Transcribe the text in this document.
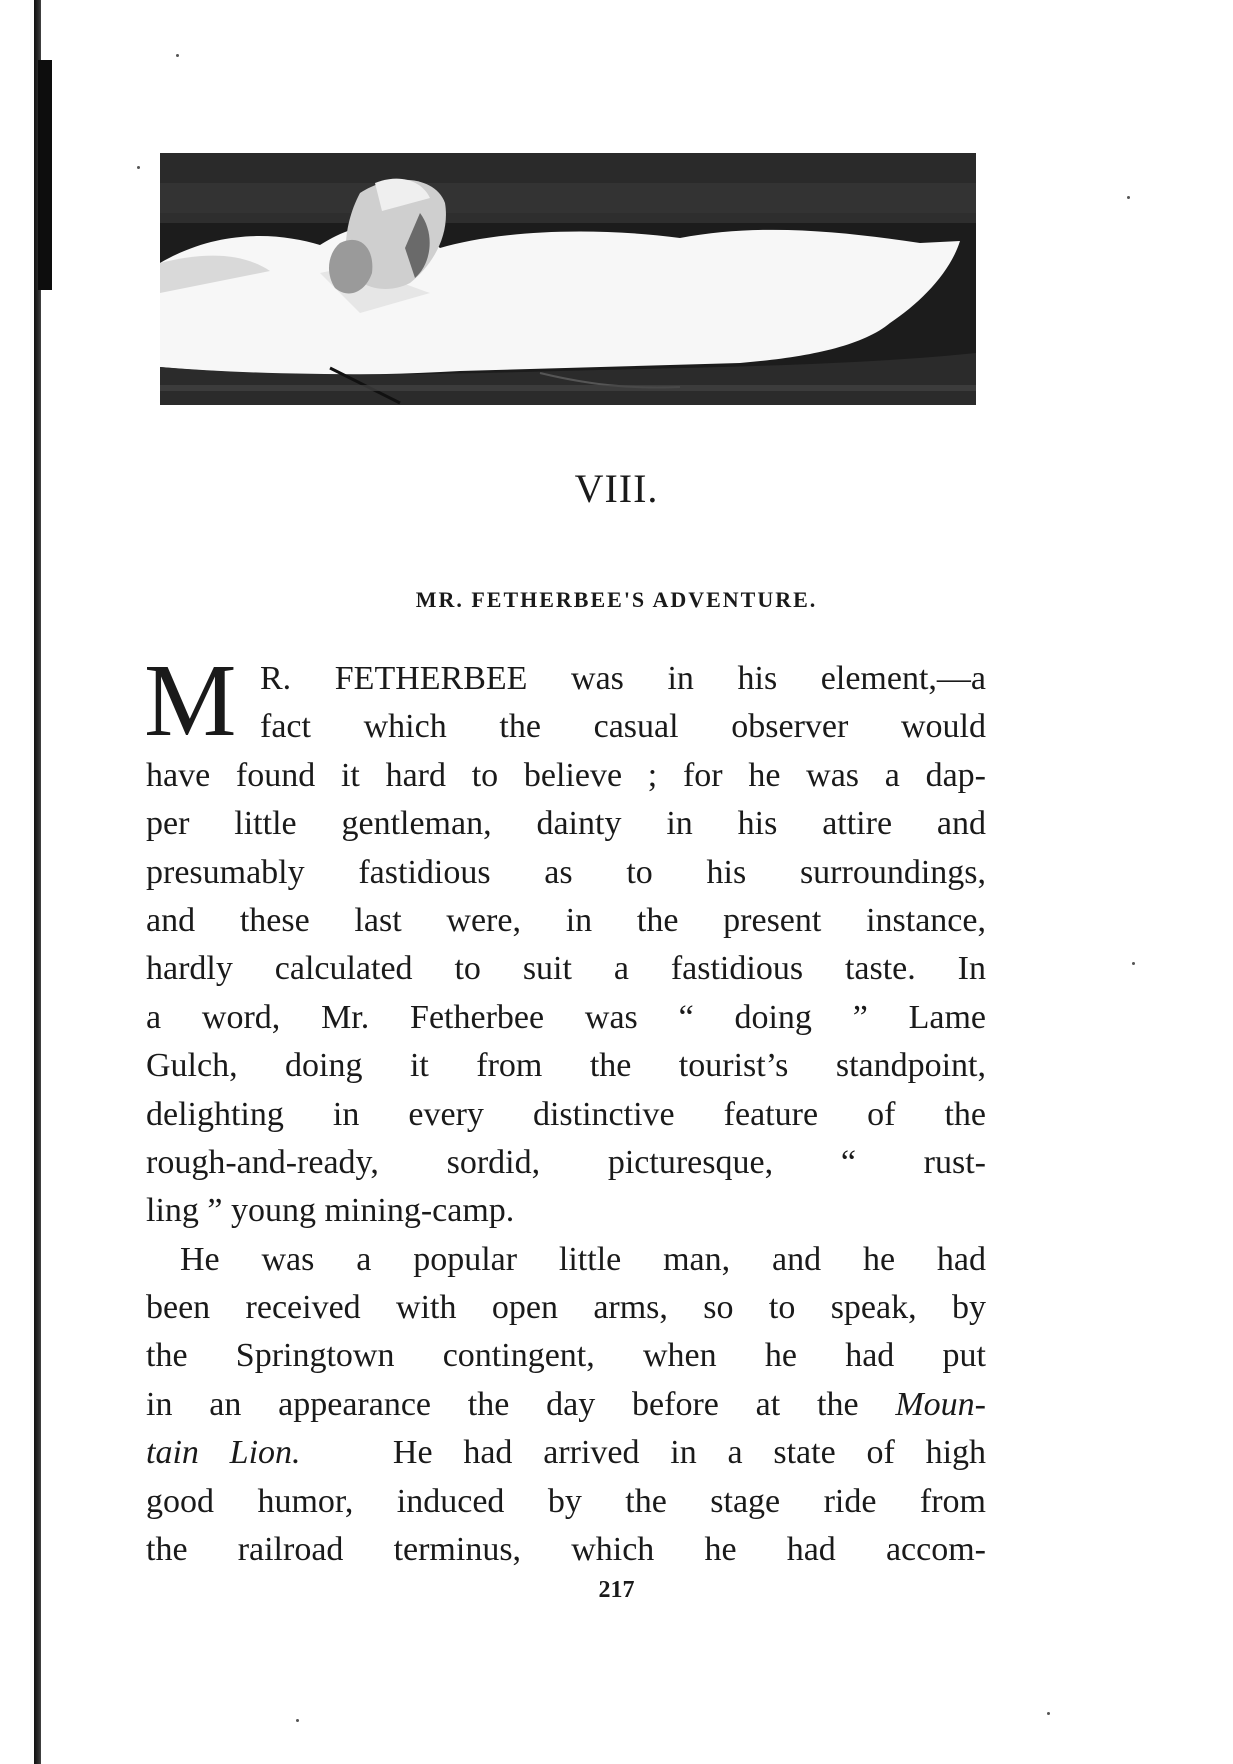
VIII.
MR. FETHERBEE'S ADVENTURE.
M R. FETHERBEE was in his element,—a
fact which the casual observer would
have found it hard to believe ; for he was a dap-
per little gentleman, dainty in his attire and
presumably fastidious as to his surroundings,
and these last were, in the present instance,
hardly calculated to suit a fastidious taste. In
a word, Mr. Fetherbee was “ doing ” Lame
Gulch, doing it from the tourist’s standpoint,
delighting in every distinctive feature of the
rough-and-ready, sordid, picturesque, “ rust-
ling ” young mining-camp.
He was a popular little man, and he had
been received with open arms, so to speak, by
the Springtown contingent, when he had put
in an appearance the day before at the Moun-
tain Lion.	He had arrived in a state of high
good humor, induced by the stage ride from
the railroad terminus, which he had accom-
217
